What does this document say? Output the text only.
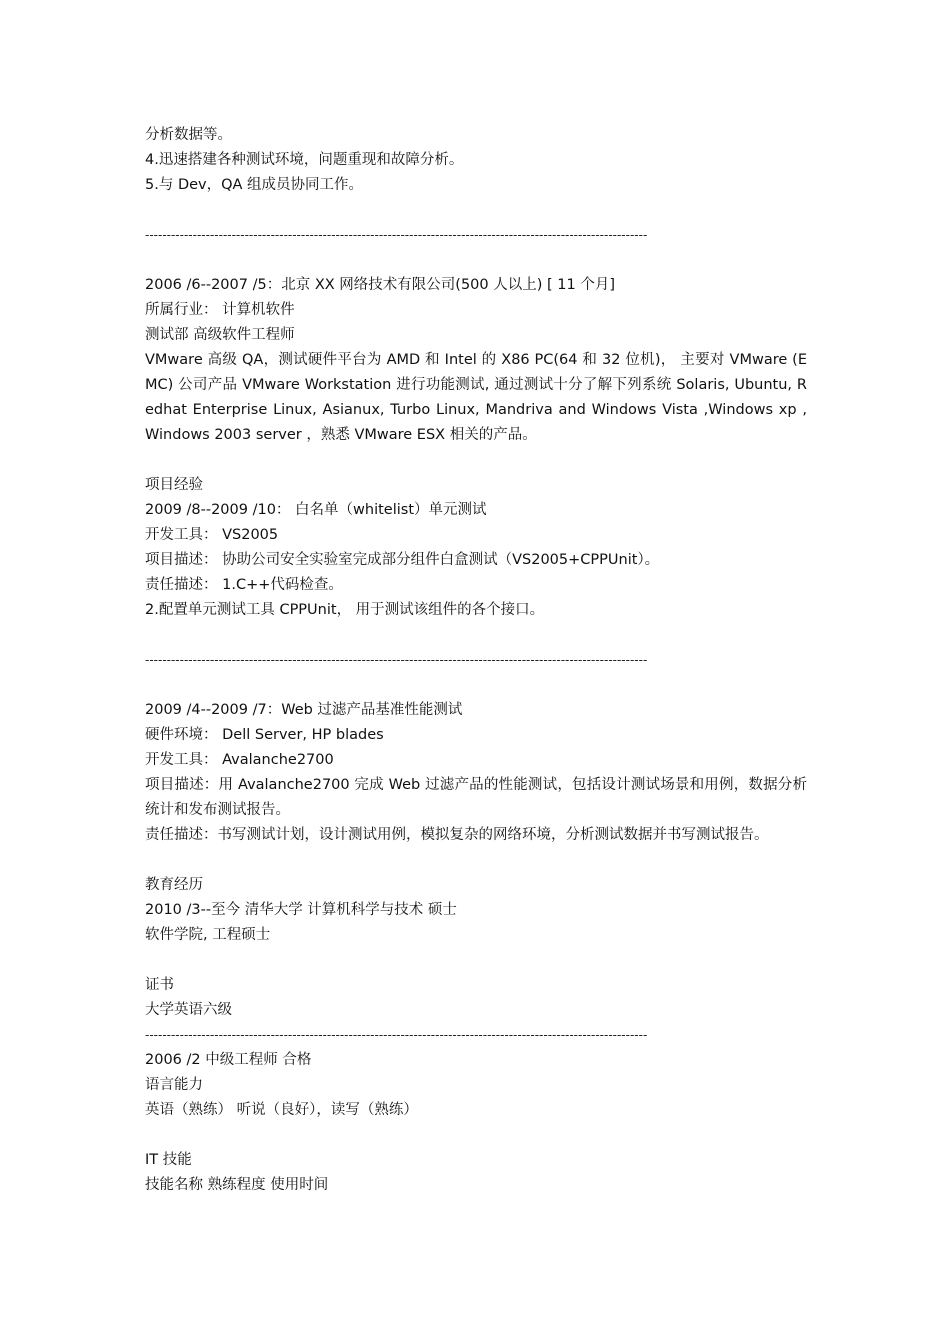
分析数据等。
4.迅速搭建各种测试环境，问题重现和故障分析。
5.与 Dev，QA 组成员协同工作。
--------------------------------------------------------------------------------------------------------------------
2006 /6--2007 /5：北京 XX 网络技术有限公司(500 人以上) [ 11 个月]
所属行业： 计算机软件
测试部 高级软件工程师
VMware 高级 QA，测试硬件平台为 AMD 和 Intel 的 X86 PC(64 和 32 位机)， 主要对 VMware (EMC) 公司产品 VMware Workstation 进行功能测试, 通过测试十分了解下列系统 Solaris, Ubuntu, Redhat Enterprise Linux, Asianux, Turbo Linux, Mandriva and Windows Vista ,Windows xp , Windows 2003 server ，熟悉 VMware ESX 相关的产品。
项目经验
2009 /8--2009 /10： 白名单（whitelist）单元测试
开发工具： VS2005
项目描述： 协助公司安全实验室完成部分组件白盒测试（VS2005+CPPUnit）。
责任描述： 1.C++代码检查。
2.配置单元测试工具 CPPUnit， 用于测试该组件的各个接口。
--------------------------------------------------------------------------------------------------------------------
2009 /4--2009 /7：Web 过滤产品基准性能测试
硬件环境： Dell Server, HP blades
开发工具： Avalanche2700
项目描述：用 Avalanche2700 完成 Web 过滤产品的性能测试，包括设计测试场景和用例，数据分析统计和发布测试报告。
责任描述：书写测试计划，设计测试用例，模拟复杂的网络环境，分析测试数据并书写测试报告。
教育经历
2010 /3--至今 清华大学 计算机科学与技术 硕士
软件学院, 工程硕士
证书
大学英语六级
--------------------------------------------------------------------------------------------------------------------
2006 /2 中级工程师 合格
语言能力
英语（熟练） 听说（良好），读写（熟练）
IT 技能
技能名称 熟练程度 使用时间
